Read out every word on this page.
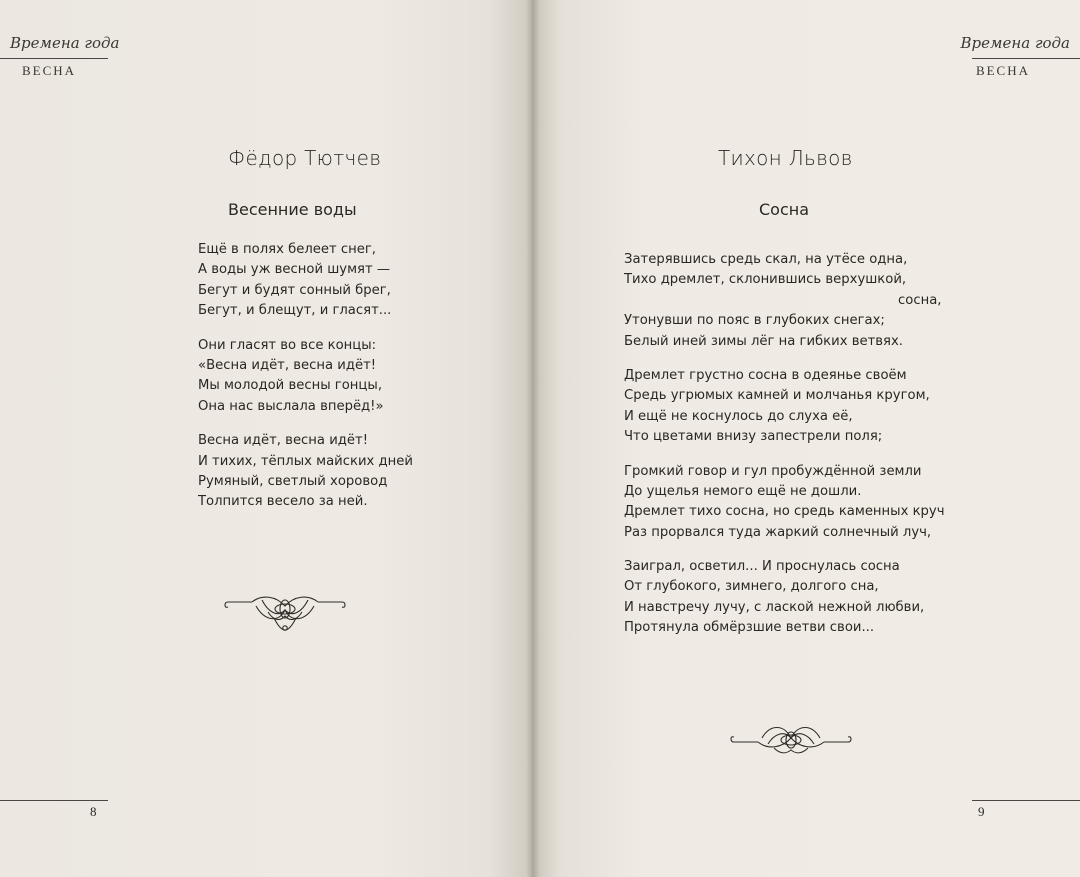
Времена года
ВЕСНА
Фёдор Тютчев
Весенние воды
Ещё в полях белеет снег,
А воды уж весной шумят —
Бегут и будят сонный брег,
Бегут, и блещут, и гласят...
Они гласят во все концы:
«Весна идёт, весна идёт!
Мы молодой весны гонцы,
Она нас выслала вперёд!»
Весна идёт, весна идёт!
И тихих, тёплых майских дней
Румяный, светлый хоровод
Толпится весело за ней.
8
Времена года
ВЕСНА
Тихон Львов
Сосна
Затерявшись средь скал, на утёсе одна,
Тихо дремлет, склонившись верхушкой,
сосна,
Утонувши по пояс в глубоких снегах;
Белый иней зимы лёг на гибких ветвях.
Дремлет грустно сосна в одеянье своём
Средь угрюмых камней и молчанья кругом,
И ещё не коснулось до слуха её,
Что цветами внизу запестрели поля;
Громкий говор и гул пробуждённой земли
До ущелья немого ещё не дошли.
Дремлет тихо сосна, но средь каменных круч
Раз прорвался туда жаркий солнечный луч,
Заиграл, осветил... И проснулась сосна
От глубокого, зимнего, долгого сна,
И навстречу лучу, с лаской нежной любви,
Протянула обмёрзшие ветви свои...
9
